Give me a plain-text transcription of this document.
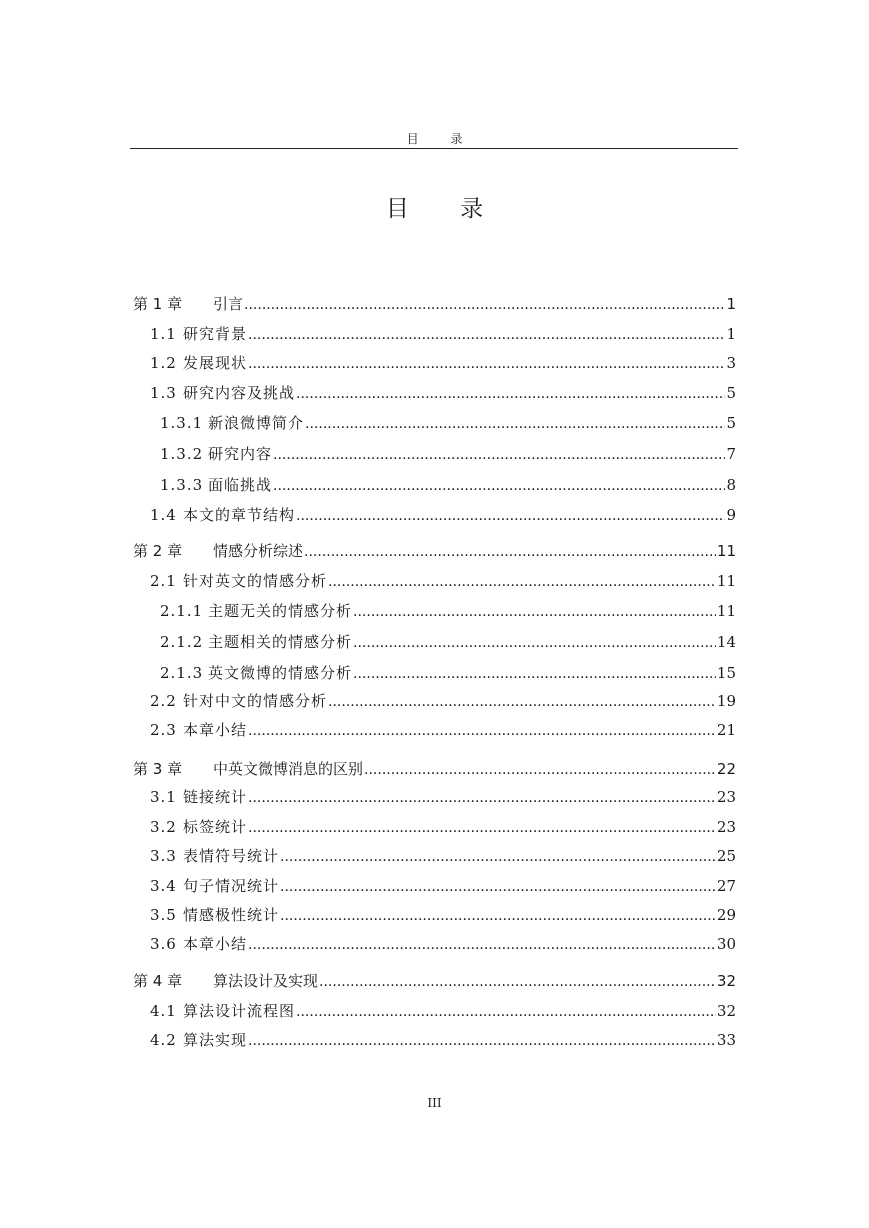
目 录
目 录
第 1 章	引言 .....	1
1.1 研究背景 .....	1
1.2 发展现状 .....	3
1.3 研究内容及挑战 .....	5
1.3.1 新浪微博简介 .....	5
1.3.2 研究内容 .....	7
1.3.3 面临挑战 .....	8
1.4 本文的章节结构 .....	9
第 2 章	情感分析综述 .....	11
2.1 针对英文的情感分析 .....	11
2.1.1 主题无关的情感分析 .....	11
2.1.2 主题相关的情感分析 .....	14
2.1.3 英文微博的情感分析 .....	15
2.2 针对中文的情感分析 .....	19
2.3 本章小结 .....	21
第 3 章	中英文微博消息的区别 .....	22
3.1 链接统计 .....	23
3.2 标签统计 .....	23
3.3 表情符号统计 .....	25
3.4 句子情况统计 .....	27
3.5 情感极性统计 .....	29
3.6 本章小结 .....	30
第 4 章	算法设计及实现 .....	32
4.1 算法设计流程图 .....	32
4.2 算法实现 .....	33
III
